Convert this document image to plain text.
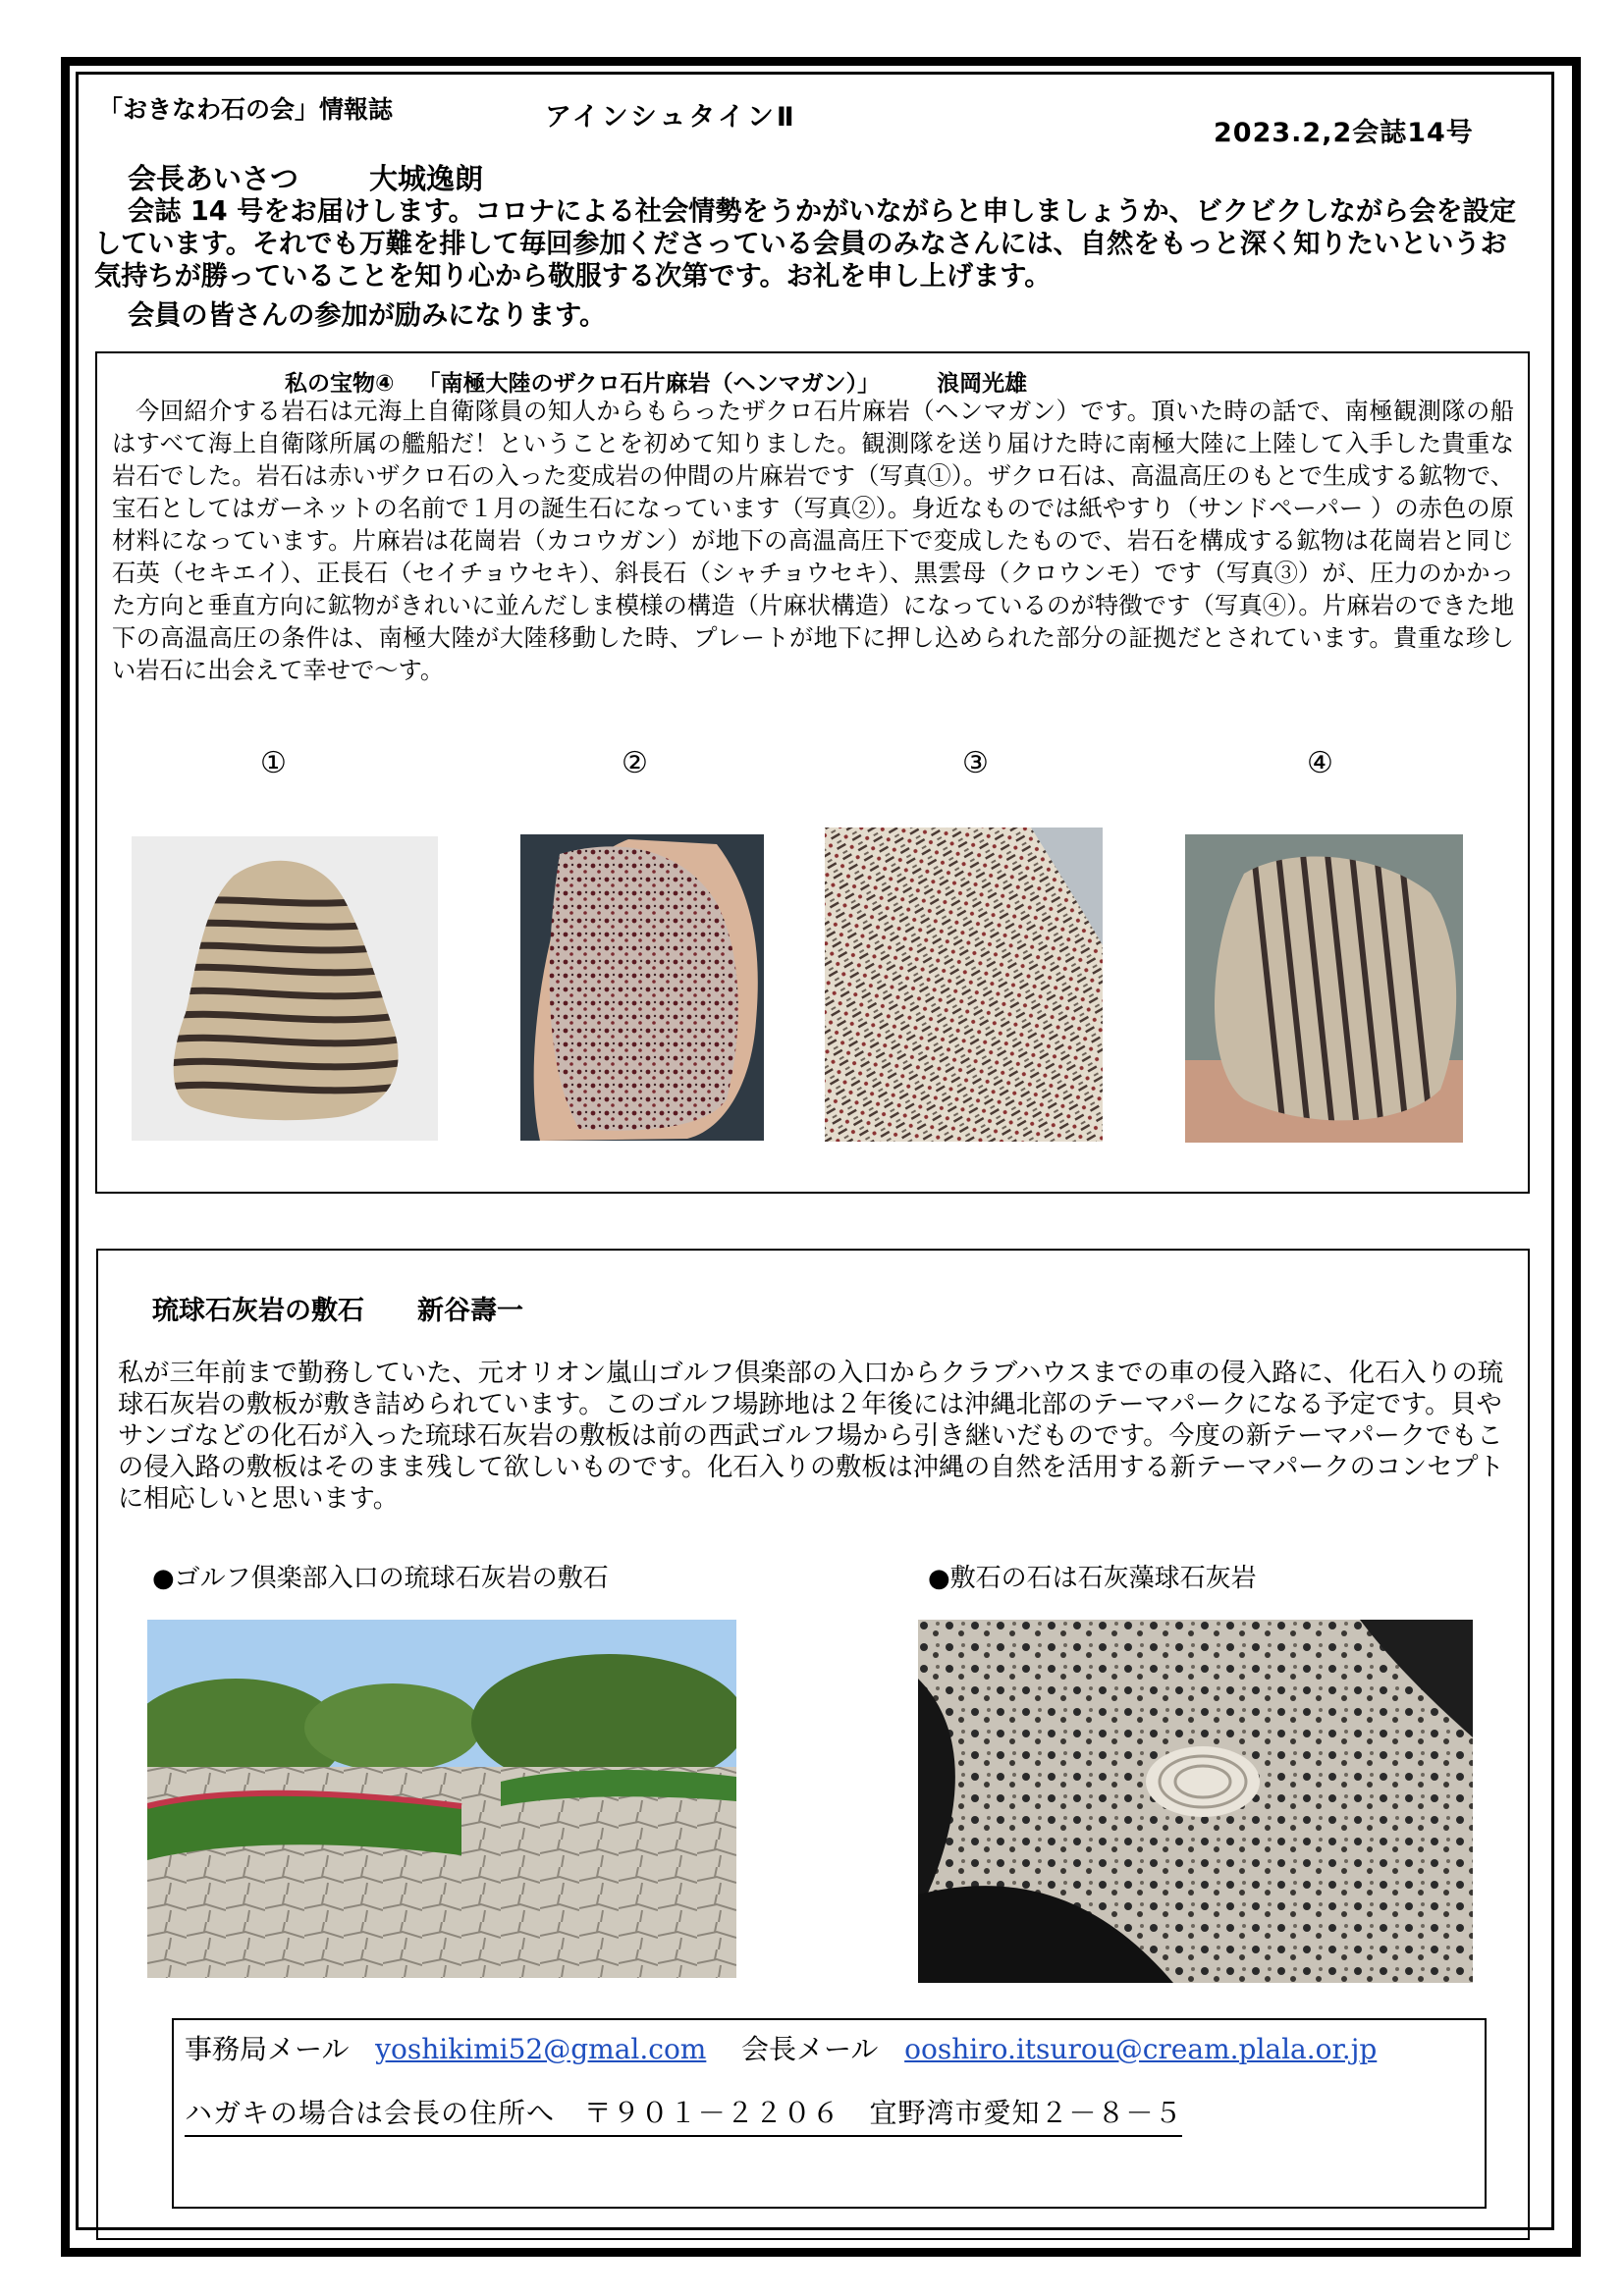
「おきなわ石の会」情報誌	アインシュタインⅡ
2023.2,2会誌14号
会長あいさつ 大城逸朗
会誌 14 号をお届けします。コロナによる社会情勢をうかがいながらと申しましょうか、ビクビクしながら会を設定しています。それでも万難を排して毎回参加くださっている会員のみなさんには、自然をもっと深く知りたいというお気持ちが勝っていることを知り心から敬服する次第です。お礼を申し上げます。
会員の皆さんの参加が励みになります。
私の宝物④ 「南極大陸のザクロ石片麻岩（ヘンマガン）」	浪岡光雄
今回紹介する岩石は元海上自衛隊員の知人からもらったザクロ石片麻岩（ヘンマガン）です。頂いた時の話で、南極観測隊の船はすべて海上自衛隊所属の艦船だ！ということを初めて知りました。観測隊を送り届けた時に南極大陸に上陸して入手した貴重な岩石でした。岩石は赤いザクロ石の入った変成岩の仲間の片麻岩です（写真①）。ザクロ石は、高温高圧のもとで生成する鉱物で、宝石としてはガーネットの名前で１月の誕生石になっています（写真②）。身近なものでは紙やすり（サンドペーパー ）の赤色の原材料になっています。片麻岩は花崗岩（カコウガン）が地下の高温高圧下で変成したもので、岩石を構成する鉱物は花崗岩と同じ石英（セキエイ）、正長石（セイチョウセキ）、斜長石（シャチョウセキ）、黒雲母（クロウンモ）です（写真③）が、圧力のかかった方向と垂直方向に鉱物がきれいに並んだしま模様の構造（片麻状構造）になっているのが特徴です（写真④）。片麻岩のできた地下の高温高圧の条件は、南極大陸が大陸移動した時、プレートが地下に押し込められた部分の証拠だとされています。貴重な珍しい岩石に出会えて幸せで～す。
①	②	③	④
琉球石灰岩の敷石 新谷壽一
私が三年前まで勤務していた、元オリオン嵐山ゴルフ倶楽部の入口からクラブハウスまでの車の侵入路に、化石入りの琉球石灰岩の敷板が敷き詰められています。このゴルフ場跡地は２年後には沖縄北部のテーマパークになる予定です。貝やサンゴなどの化石が入った琉球石灰岩の敷板は前の西武ゴルフ場から引き継いだものです。今度の新テーマパークでもこの侵入路の敷板はそのまま残して欲しいものです。化石入りの敷板は沖縄の自然を活用する新テーマパークのコンセプトに相応しいと思います。
●ゴルフ倶楽部入口の琉球石灰岩の敷石	●敷石の石は石灰藻球石灰岩
事務局メール yoshikimi52@gmal.com 会長メール ooshiro.itsurou@cream.plala.or.jp
ハガキの場合は会長の住所へ 〒９０１－２２０６ 宜野湾市愛知２－８－５
